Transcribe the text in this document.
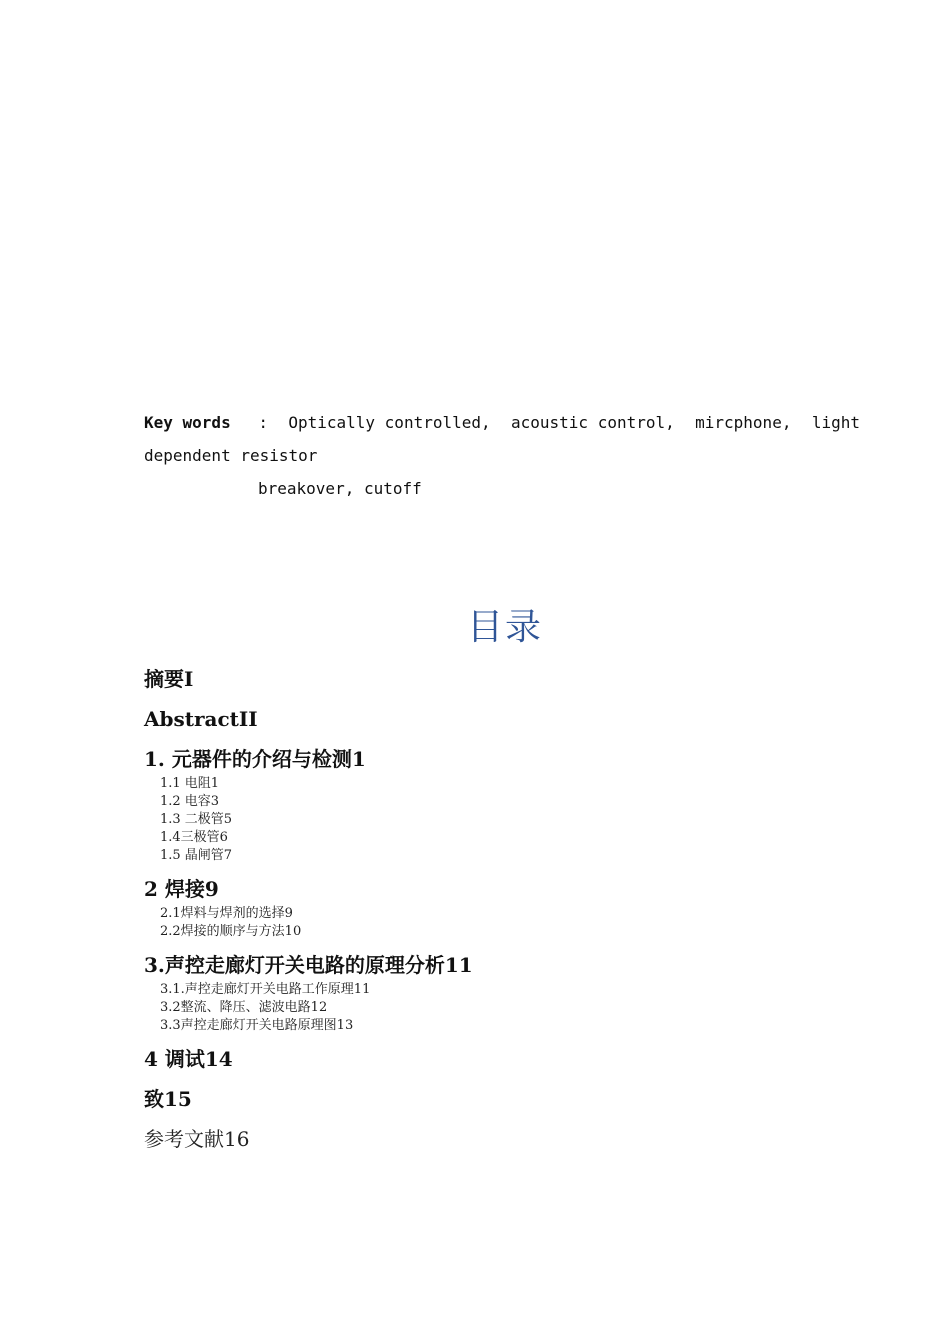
Key words : Optically controlled, acoustic control, mircphone, light
dependent resistor
breakover, cutoff
目录
摘要I
AbstractII
1. 元器件的介绍与检测1
1.1 电阻1
1.2 电容3
1.3 二极管5
1.4三极管6
1.5 晶闸管7
2 焊接9
2.1焊料与焊剂的选择9
2.2焊接的顺序与方法10
3.声控走廊灯开关电路的原理分析11
3.1.声控走廊灯开关电路工作原理11
3.2整流、降压、滤波电路12
3.3声控走廊灯开关电路原理图13
4 调试14
致15
参考文献16
